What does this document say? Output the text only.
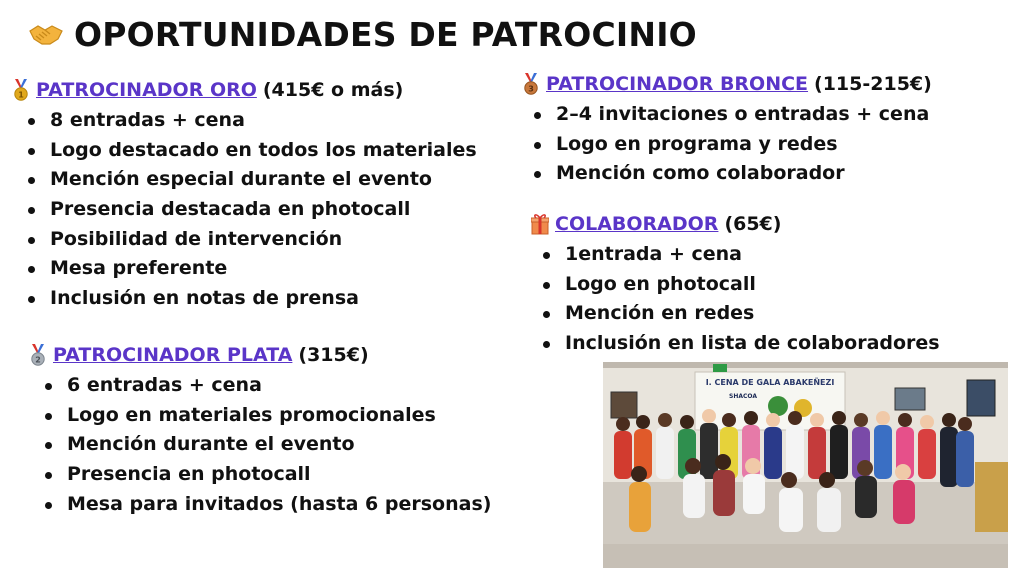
OPORTUNIDADES DE PATROCINIO
1 PATROCINADOR ORO (415€ o más)
8 entradas + cena
Logo destacado en todos los materiales
Mención especial durante el evento
Presencia destacada en photocall
Posibilidad de intervención
Mesa preferente
Inclusión en notas de prensa
2 PATROCINADOR PLATA (315€)
6 entradas + cena
Logo en materiales promocionales
Mención durante el evento
Presencia en photocall
Mesa para invitados (hasta 6 personas)
3 PATROCINADOR BRONCE (115-215€)
2–4 invitaciones o entradas + cena
Logo en programa y redes
Mención como colaborador
COLABORADOR (65€)
1entrada + cena
Logo en photocall
Mención en redes
Inclusión en lista de colaboradores
I. CENA DE GALA ABAKEÑEZI
SHACOA
